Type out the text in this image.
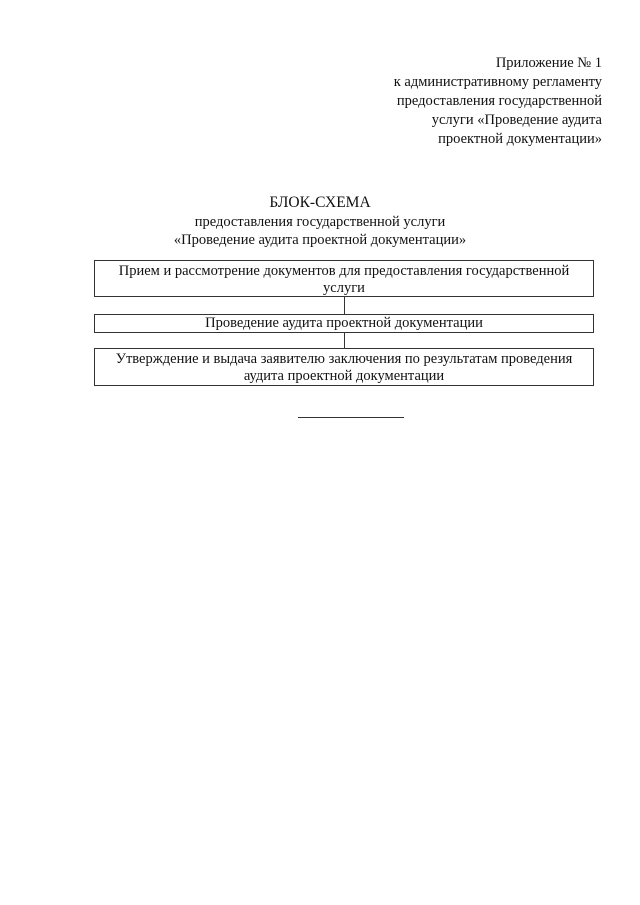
Приложение № 1
к административному регламенту
предоставления государственной
услуги «Проведение аудита
проектной документации»
БЛОК-СХЕМА
предоставления государственной услуги
«Проведение аудита проектной документации»
Прием и рассмотрение документов для предоставления государственной
услуги
Проведение аудита проектной документации
Утверждение и выдача заявителю заключения по результатам проведения
аудита проектной документации
